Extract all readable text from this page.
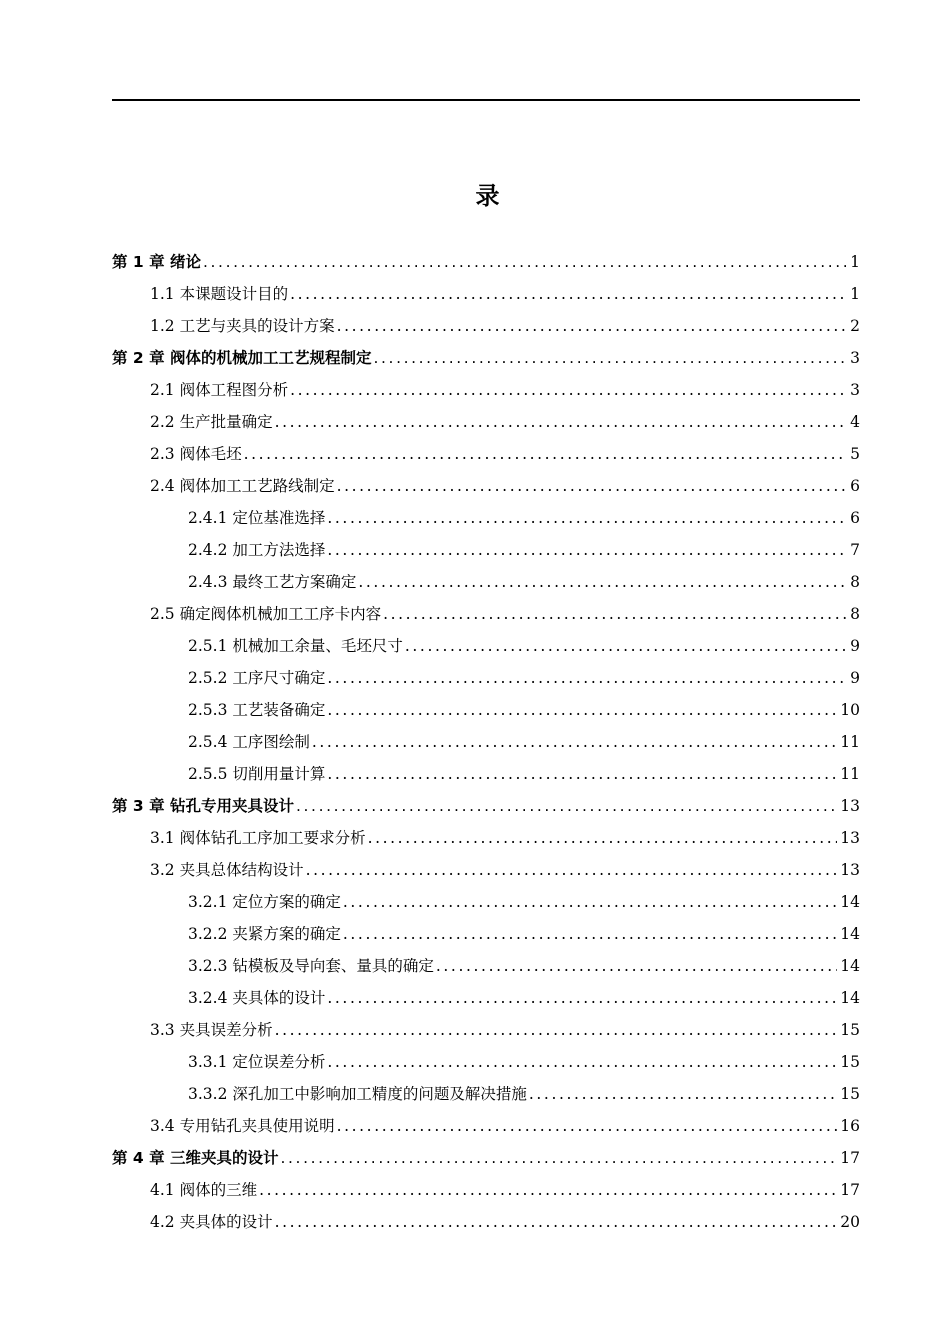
录
第 1 章 绪论 .....	1
1.1 本课题设计目的 .....	1
1.2 工艺与夹具的设计方案 .....	2
第 2 章 阀体的机械加工工艺规程制定 .....	3
2.1 阀体工程图分析 .....	3
2.2 生产批量确定 .....	4
2.3 阀体毛坯 .....	5
2.4 阀体加工工艺路线制定 .....	6
2.4.1 定位基准选择 .....	6
2.4.2 加工方法选择 .....	7
2.4.3 最终工艺方案确定 .....	8
2.5 确定阀体机械加工工序卡内容 .....	8
2.5.1 机械加工余量、毛坯尺寸 .....	9
2.5.2 工序尺寸确定 .....	9
2.5.3 工艺装备确定 .....	10
2.5.4 工序图绘制 .....	11
2.5.5 切削用量计算 .....	11
第 3 章 钻孔专用夹具设计 .....	13
3.1 阀体钻孔工序加工要求分析 .....	13
3.2 夹具总体结构设计 .....	13
3.2.1 定位方案的确定 .....	14
3.2.2 夹紧方案的确定 .....	14
3.2.3 钻模板及导向套、量具的确定 .....	14
3.2.4 夹具体的设计 .....	14
3.3 夹具误差分析 .....	15
3.3.1 定位误差分析 .....	15
3.3.2 深孔加工中影响加工精度的问题及解决措施 .....	15
3.4 专用钻孔夹具使用说明 .....	16
第 4 章 三维夹具的设计 .....	17
4.1 阀体的三维 .....	17
4.2 夹具体的设计 .....	20
